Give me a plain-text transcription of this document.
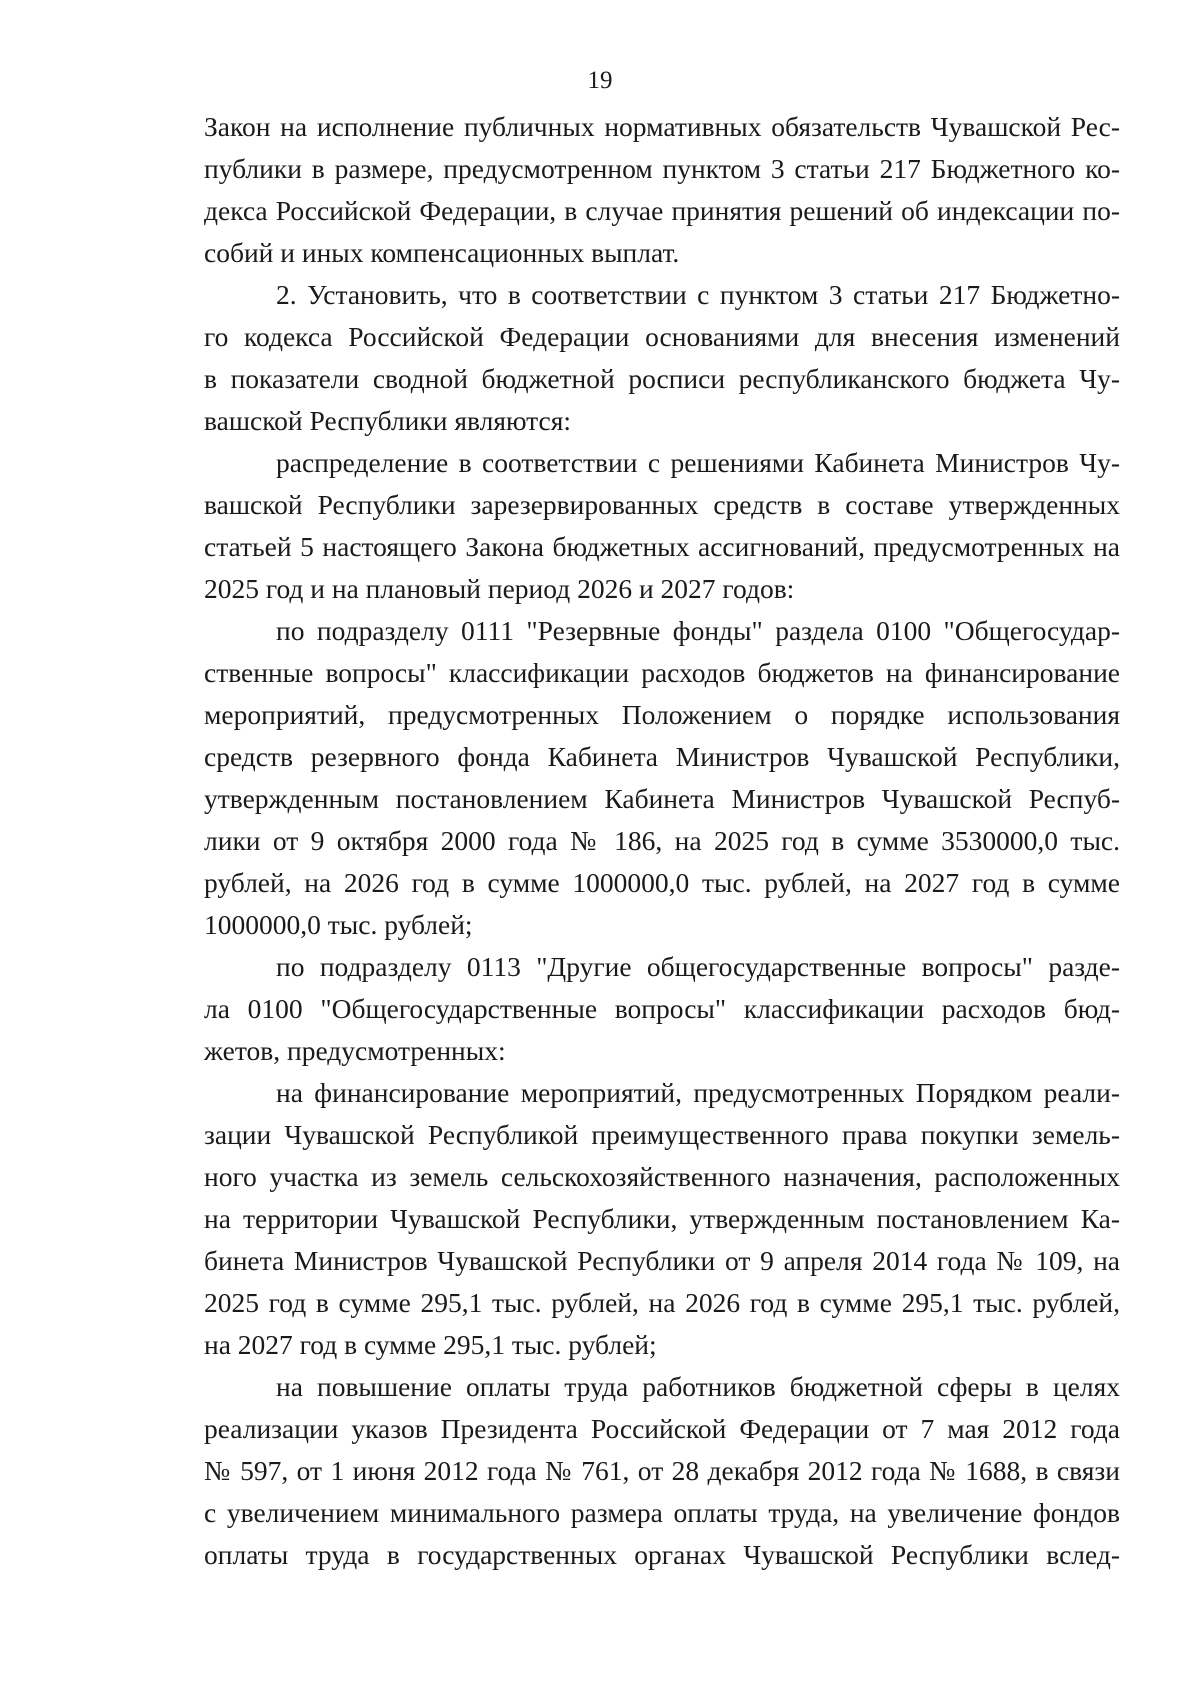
19

Закон на исполнение публичных нормативных обязательств Чувашской Рес-
публики в размере, предусмотренном пунктом 3 статьи 217 Бюджетного ко-
декса Российской Федерации, в случае принятия решений об индексации по-
собий и иных компенсационных выплат.

2. Установить, что в соответствии с пунктом 3 статьи 217 Бюджетно-
го кодекса Российской Федерации основаниями для внесения изменений
в показатели сводной бюджетной росписи республиканского бюджета Чу-
вашской Республики являются:

распределение в соответствии с решениями Кабинета Министров Чу-
вашской Республики зарезервированных средств в составе утвержденных
статьей 5 настоящего Закона бюджетных ассигнований, предусмотренных на
2025 год и на плановый период 2026 и 2027 годов:

по подразделу 0111 "Резервные фонды" раздела 0100 "Общегосудар-
ственные вопросы" классификации расходов бюджетов на финансирование
мероприятий, предусмотренных Положением о порядке использования
средств резервного фонда Кабинета Министров Чувашской Республики,
утвержденным постановлением Кабинета Министров Чувашской Респуб-
лики от 9 октября 2000 года № 186, на 2025 год в сумме 3530000,0 тыс.
рублей, на 2026 год в сумме 1000000,0 тыс. рублей, на 2027 год в сумме
1000000,0 тыс. рублей;

по подразделу 0113 "Другие общегосударственные вопросы" разде-
ла 0100 "Общегосударственные вопросы" классификации расходов бюд-
жетов, предусмотренных:

на финансирование мероприятий, предусмотренных Порядком реали-
зации Чувашской Республикой преимущественного права покупки земель-
ного участка из земель сельскохозяйственного назначения, расположенных
на территории Чувашской Республики, утвержденным постановлением Ка-
бинета Министров Чувашской Республики от 9 апреля 2014 года № 109, на
2025 год в сумме 295,1 тыс. рублей, на 2026 год в сумме 295,1 тыс. рублей,
на 2027 год в сумме 295,1 тыс. рублей;

на повышение оплаты труда работников бюджетной сферы в целях
реализации указов Президента Российской Федерации от 7 мая 2012 года
№ 597, от 1 июня 2012 года № 761, от 28 декабря 2012 года № 1688, в связи
с увеличением минимального размера оплаты труда, на увеличение фондов
оплаты труда в государственных органах Чувашской Республики вслед-
